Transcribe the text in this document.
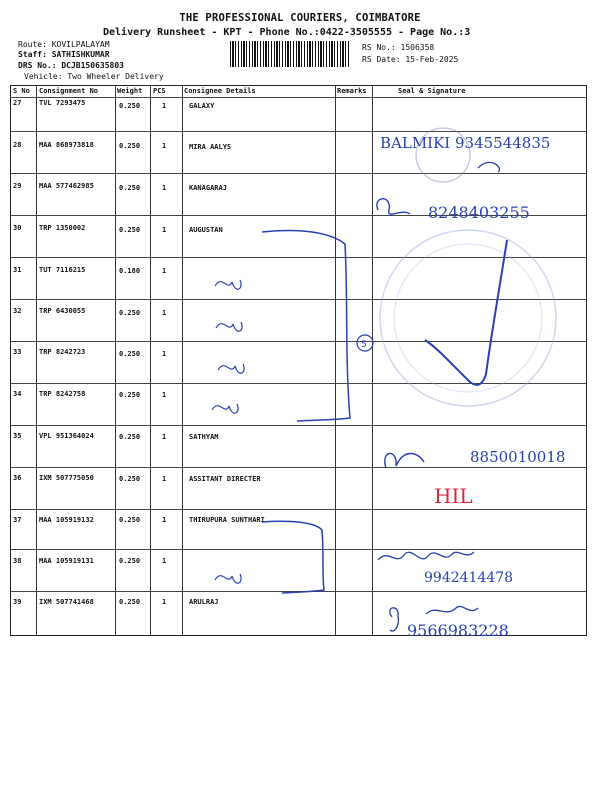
THE PROFESSIONAL COURIERS, COIMBATORE
Delivery Runsheet - KPT - Phone No.:0422-3505555 - Page No.:3
Route: KOVILPALAYAM
Staff: SATHISHKUMAR
DRS No.: DCJB150635803
Vehicle: Two Wheeler Delivery
RS No.: 1506358
RS Date: 15-Feb-2025
S No Consignment No	Weight PCS	Consignee Details	Remarks	Seal & Signature
27	TVL 7293475	0.250	1	GALAXY
28	MAA 868973818	0.250	1	MIRA AALYS
29	MAA 577462985	0.250	1	KANAGARAJ
30	TRP 1350002	0.250	1	AUGUSTAN
31	TUT 7116215	0.180	1
32	TRP 6430055	0.250	1
33	TRP 8242723	0.250	1
34	TRP 8242758	0.250	1
35	VPL 951364024	0.250	1	SATHYAM
36	IXM 507775050	0.250	1	ASSITANT DIRECTER
37	MAA 105919132	0.250	1	THIRUPURA SUNTHARI
38	MAA 105919131	0.250	1
39	IXM 507741468	0.250	1	ARULRAJ
BALMIKI 9345544835
8248403255
5
8850010018
HIL
9942414478
9566983228
